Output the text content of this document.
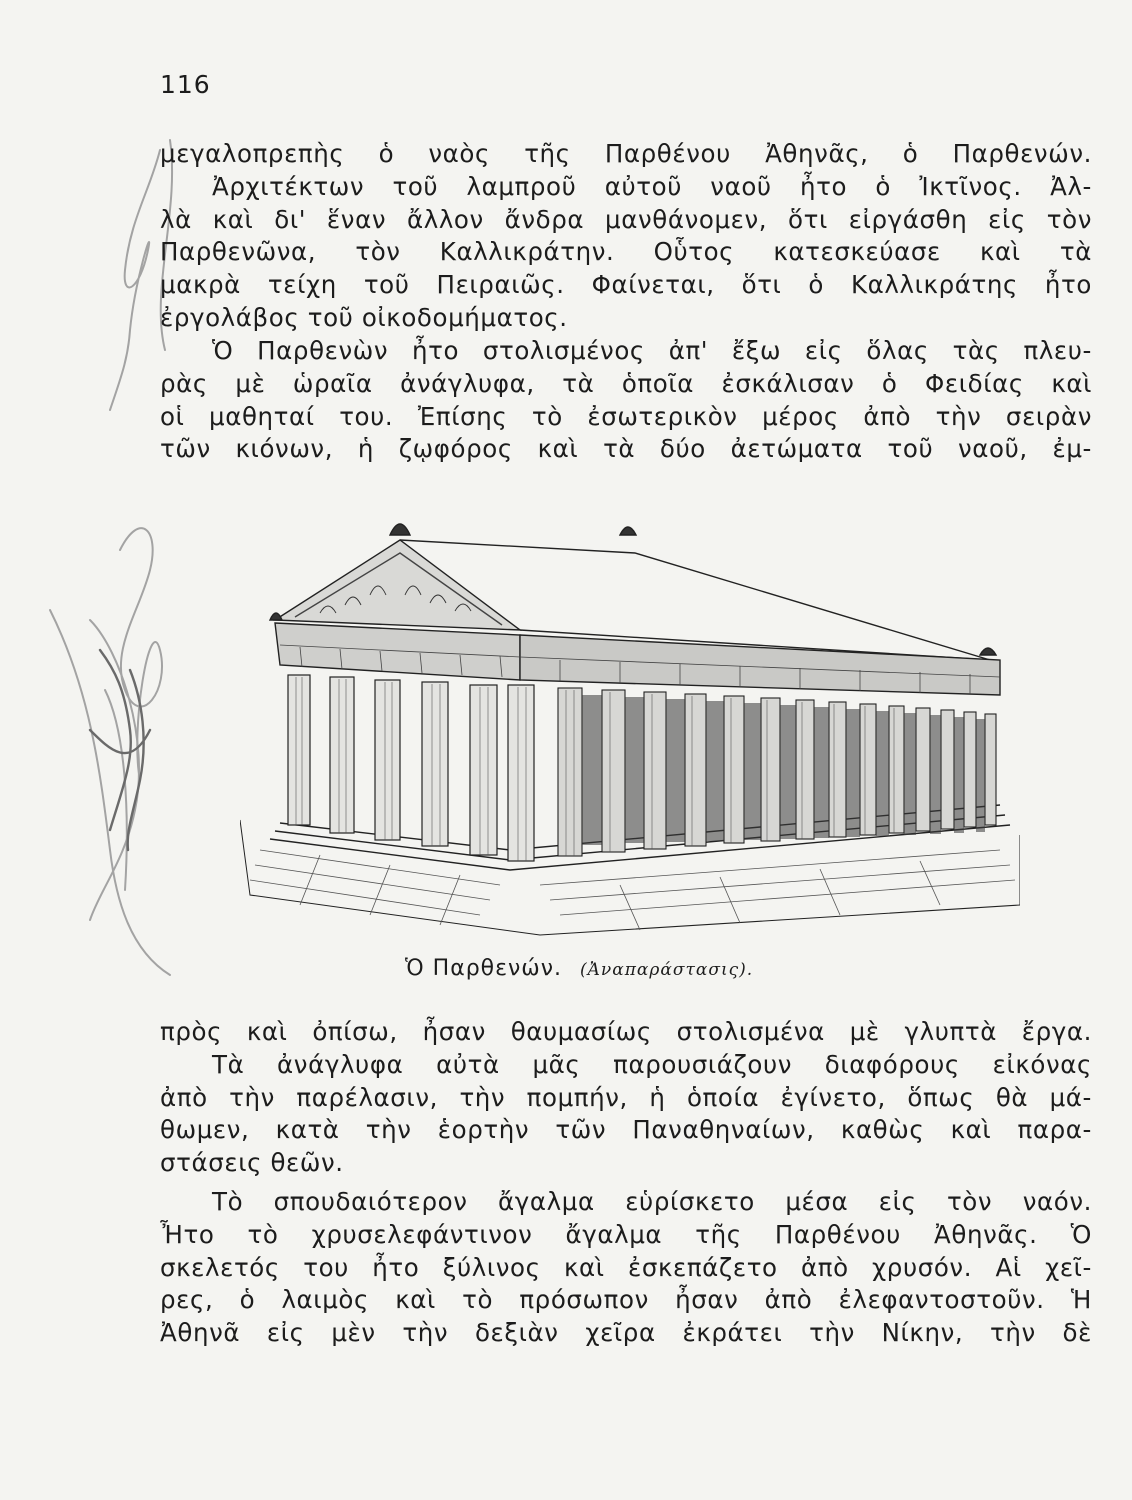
116
μεγαλοπρεπὴς ὁ ναὸς τῆς Παρθένου Ἀθηνᾶς, ὁ Παρθενών.
Ἀρχιτέκτων τοῦ λαμπροῦ αὐτοῦ ναοῦ ἦτο ὁ Ἰκτῖνος. Ἀλ-
λὰ καὶ δι' ἕναν ἄλλον ἄνδρα μανθάνομεν, ὅτι εἰργάσθη εἰς τὸν
Παρθενῶνα, τὸν Καλλικράτην. Οὗτος κατεσκεύασε καὶ τὰ
μακρὰ τείχη τοῦ Πειραιῶς. Φαίνεται, ὅτι ὁ Καλλικράτης ἦτο
ἐργολάβος τοῦ οἰκοδομήματος.
Ὁ Παρθενὼν ἦτο στολισμένος ἀπ' ἔξω εἰς ὅλας τὰς πλευ-
ρὰς μὲ ὡραῖα ἀνάγλυφα, τὰ ὁποῖα ἐσκάλισαν ὁ Φειδίας καὶ
οἱ μαθηταί του. Ἐπίσης τὸ ἐσωτερικὸν μέρος ἀπὸ τὴν σειρὰν
τῶν κιόνων, ἡ ζῳφόρος καὶ τὰ δύο ἀετώματα τοῦ ναοῦ, ἐμ-
Ὁ Παρθενών. (Ἀναπαράστασις).
πρὸς καὶ ὀπίσω, ἦσαν θαυμασίως στολισμένα μὲ γλυπτὰ ἔργα.
Τὰ ἀνάγλυφα αὐτὰ μᾶς παρουσιάζουν διαφόρους εἰκόνας
ἀπὸ τὴν παρέλασιν, τὴν πομπήν, ἡ ὁποία ἐγίνετο, ὅπως θὰ μά-
θωμεν, κατὰ τὴν ἑορτὴν τῶν Παναθηναίων, καθὼς καὶ παρα-
στάσεις θεῶν.
Τὸ σπουδαιότερον ἄγαλμα εὑρίσκετο μέσα εἰς τὸν ναόν.
Ἦτο τὸ χρυσελεφάντινον ἄγαλμα τῆς Παρθένου Ἀθηνᾶς. Ὁ
σκελετός του ἦτο ξύλινος καὶ ἐσκεπάζετο ἀπὸ χρυσόν. Αἱ χεῖ-
ρες, ὁ λαιμὸς καὶ τὸ πρόσωπον ἦσαν ἀπὸ ἐλεφαντοστοῦν. Ἡ
Ἀθηνᾶ εἰς μὲν τὴν δεξιὰν χεῖρα ἐκράτει τὴν Νίκην, τὴν δὲ
